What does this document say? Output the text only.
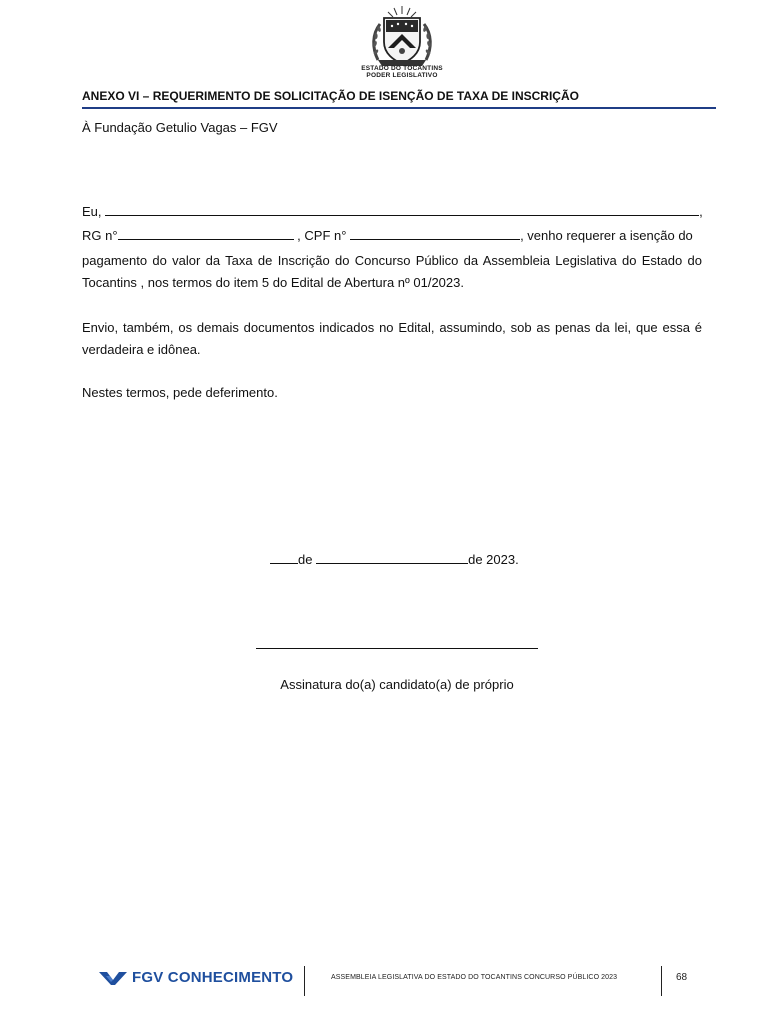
ESTADO DO TOCANTINS
PODER LEGISLATIVO
ANEXO VI – REQUERIMENTO DE SOLICITAÇÃO DE ISENÇÃO DE TAXA DE INSCRIÇÃO
À Fundação Getulio Vagas – FGV
Eu,	,
RG n°	, CPF n°	, venho requerer a isenção do

pagamento do valor da Taxa de Inscrição do Concurso Público da Assembleia Legislativa do Estado do Tocantins , nos termos do item 5 do Edital de Abertura nº 01/2023.

Envio, também, os demais documentos indicados no Edital, assumindo, sob as penas da lei, que essa é verdadeira e idônea.

Nestes termos, pede deferimento.

de	de 2023.
Assinatura do(a) candidato(a) de próprio
FGV CONHECIMENTO	ASSEMBLEIA LEGISLATIVA DO ESTADO DO TOCANTINS CONCURSO PÚBLICO 2023	68
